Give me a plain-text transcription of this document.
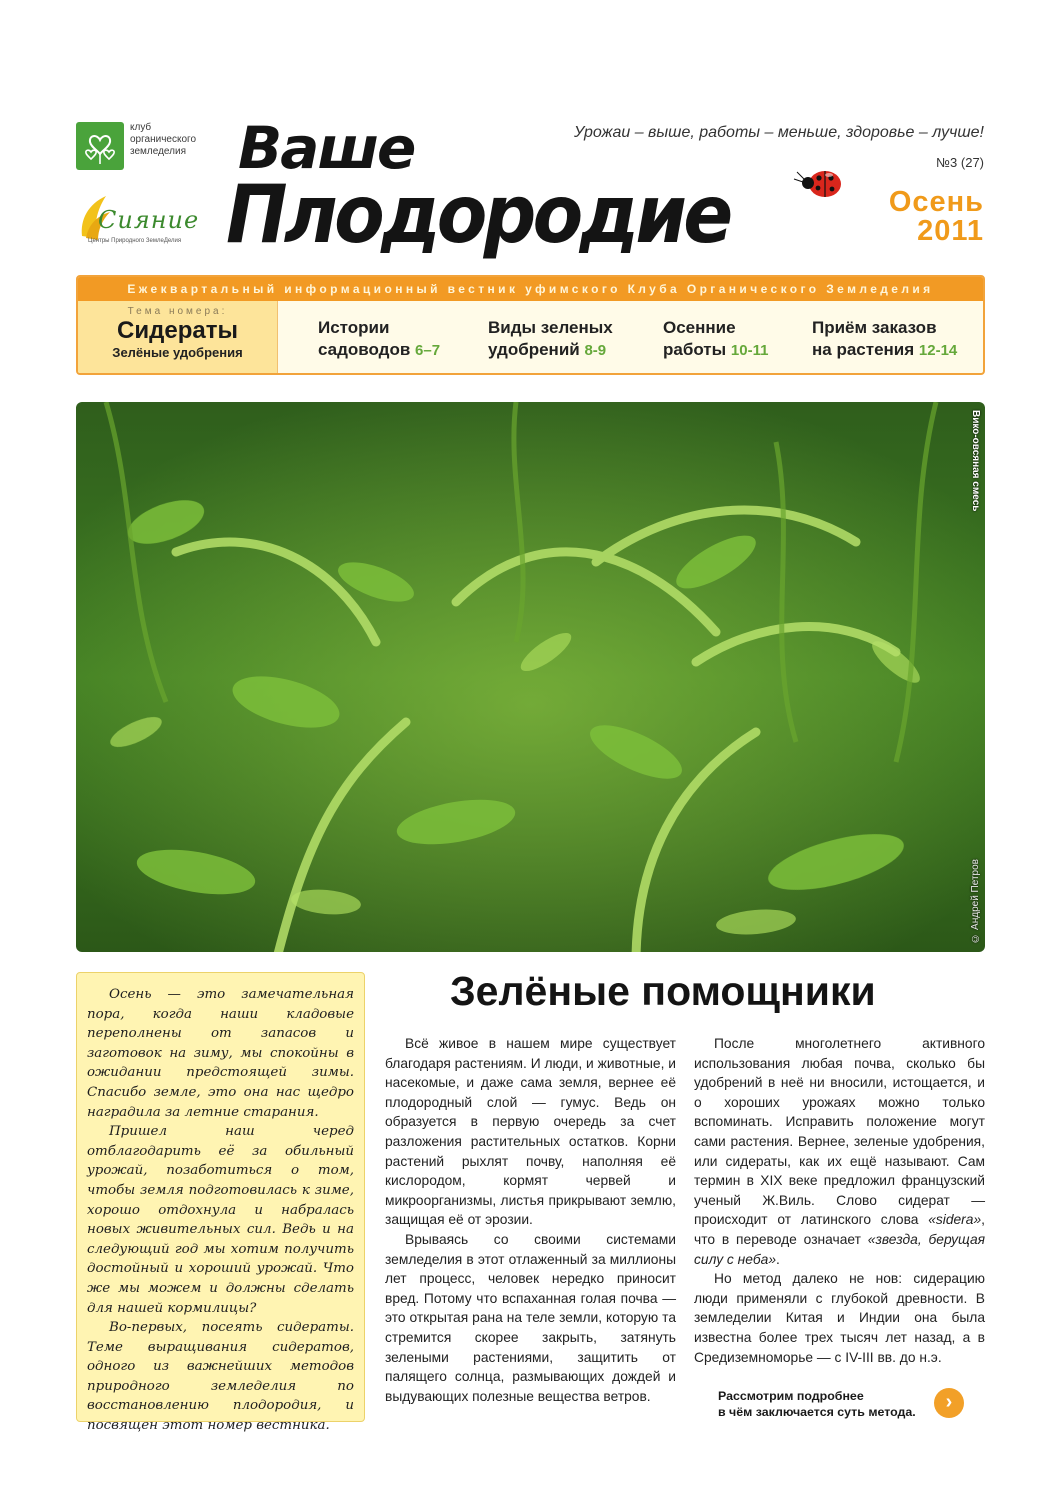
клуб
органического
земледелия
Сияние
Центры Природного ЗемлеДелия
Ваше
Плодородие
Урожаи – выше, работы – меньше, здоровье – лучше!
№3 (27)
Осень
2011
Ежеквартальный информационный вестник уфимского Клуба Органического Земледелия
Тема номера:
Сидераты
Зелёные удобрения
Истории
садоводов 6–7
Виды зеленых
удобрений 8-9
Осенние
работы 10-11
Приём заказов
на растения 12-14
Вико-овсяная смесь
© Андрей Петров

Осень — это замечательная пора, когда наши кладовые переполнены от запасов и заготовок на зиму, мы спокойны в ожидании предстоящей зимы. Спасибо земле, это она нас щедро наградила за летние старания.

Пришел наш черед отблагодарить её за обильный урожай, позаботиться о том, чтобы земля подготовилась к зиме, хорошо отдохнула и набралась новых живительных сил. Ведь и на следующий год мы хотим получить достойный и хороший урожай. Что же мы можем и должны сделать для нашей кормилицы?

Во-первых, посеять сидераты. Теме выращивания сидератов, одного из важнейших методов природного земледелия по восстановлению плодородия, и посвящен этот номер вестника.

Зелёные помощники

Всё живое в нашем мире существует благодаря растениям. И люди, и животные, и насекомые, и даже сама земля, вернее её плодородный слой — гумус. Ведь он образуется в первую очередь за счет разложения растительных остатков. Корни растений рыхлят почву, наполняя её кислородом, кормят червей и микроорганизмы, листья прикрывают землю, защищая её от эрозии.

Врываясь со своими системами земледелия в этот отлаженный за миллионы лет процесс, человек нередко приносит вред. Потому что вспаханная голая почва — это открытая рана на теле земли, которую та стремится скорее закрыть, затянуть зелеными растениями, защитить от палящего солнца, размывающих дождей и выдувающих полезные вещества ветров.

После многолетнего активного использования любая почва, сколько бы удобрений в неё ни вносили, истощается, и о хороших урожаях можно только вспоминать. Исправить положение могут сами растения. Вернее, зеленые удобрения, или сидераты, как их ещё называют. Сам термин в XIX веке предложил французский ученый Ж.Виль. Слово сидерат — происходит от латинского слова «sidera», что в переводе означает «звезда, берущая силу с неба».

Но метод далеко не нов: сидерацию люди применяли с глубокой древности. В земледелии Китая и Индии она была известна более трех тысяч лет назад, а в Средиземноморье — с IV-III вв. до н.э.

Рассмотрим подробнее
в чём заключается суть метода.	›
